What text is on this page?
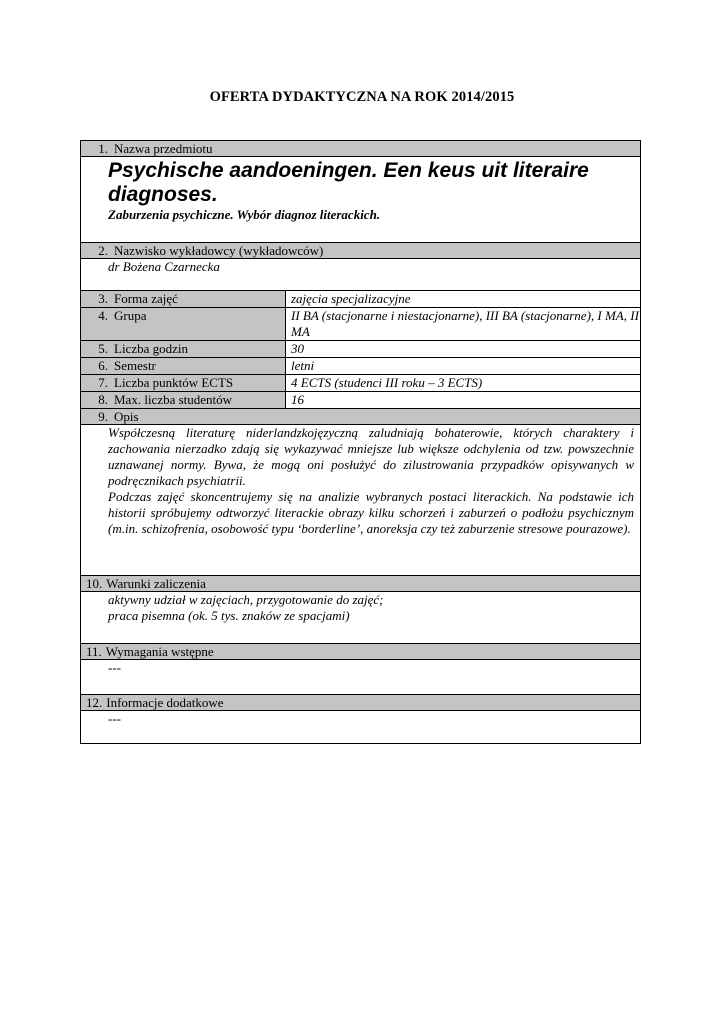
OFERTA DYDAKTYCZNA NA ROK 2014/2015
1. Nazwa przedmiotu	

Psychische aandoeningen. Een keus uit literaire diagnoses.
Zaburzenia psychiczne. Wybór diagnoz literackich.	

2. Nazwisko wykładowcy (wykładowców)	
dr Bożena Czarnecka	
3. Forma zajęć	zajęcia specjalizacyjne
4. Grupa	II BA (stacjonarne i niestacjonarne), III BA (stacjonarne), I MA, II MA
5. Liczba godzin	30
6. Semestr	letni
7. Liczba punktów ECTS	4 ECTS (studenci III roku – 3 ECTS)
8. Max. liczba studentów	16
9. Opis	

Współczesną literaturę niderlandzkojęzyczną zaludniają bohaterowie, których charaktery i zachowania nierzadko zdają się wykazywać mniejsze lub większe odchylenia od tzw. powszechnie uznawanej normy. Bywa, że mogą oni posłużyć do zilustrowania przypadków opisywanych w podręcznikach psychiatrii.

Podczas zajęć skoncentrujemy się na analizie wybranych postaci literackich. Na podstawie ich historii spróbujemy odtworzyć literackie obrazy kilku schorzeń i zaburzeń o podłożu psychicznym (m.in. schizofrenia, osobowość typu ‘borderline’, anoreksja czy też zaburzenie stresowe pourazowe).	

10. Warunki zaliczenia	

aktywny udział w zajęciach, przygotowanie do zajęć;
praca pisemna (ok. 5 tys. znaków ze spacjami)	

11. Wymagania wstępne	
---	
12. Informacje dodatkowe	
---	
